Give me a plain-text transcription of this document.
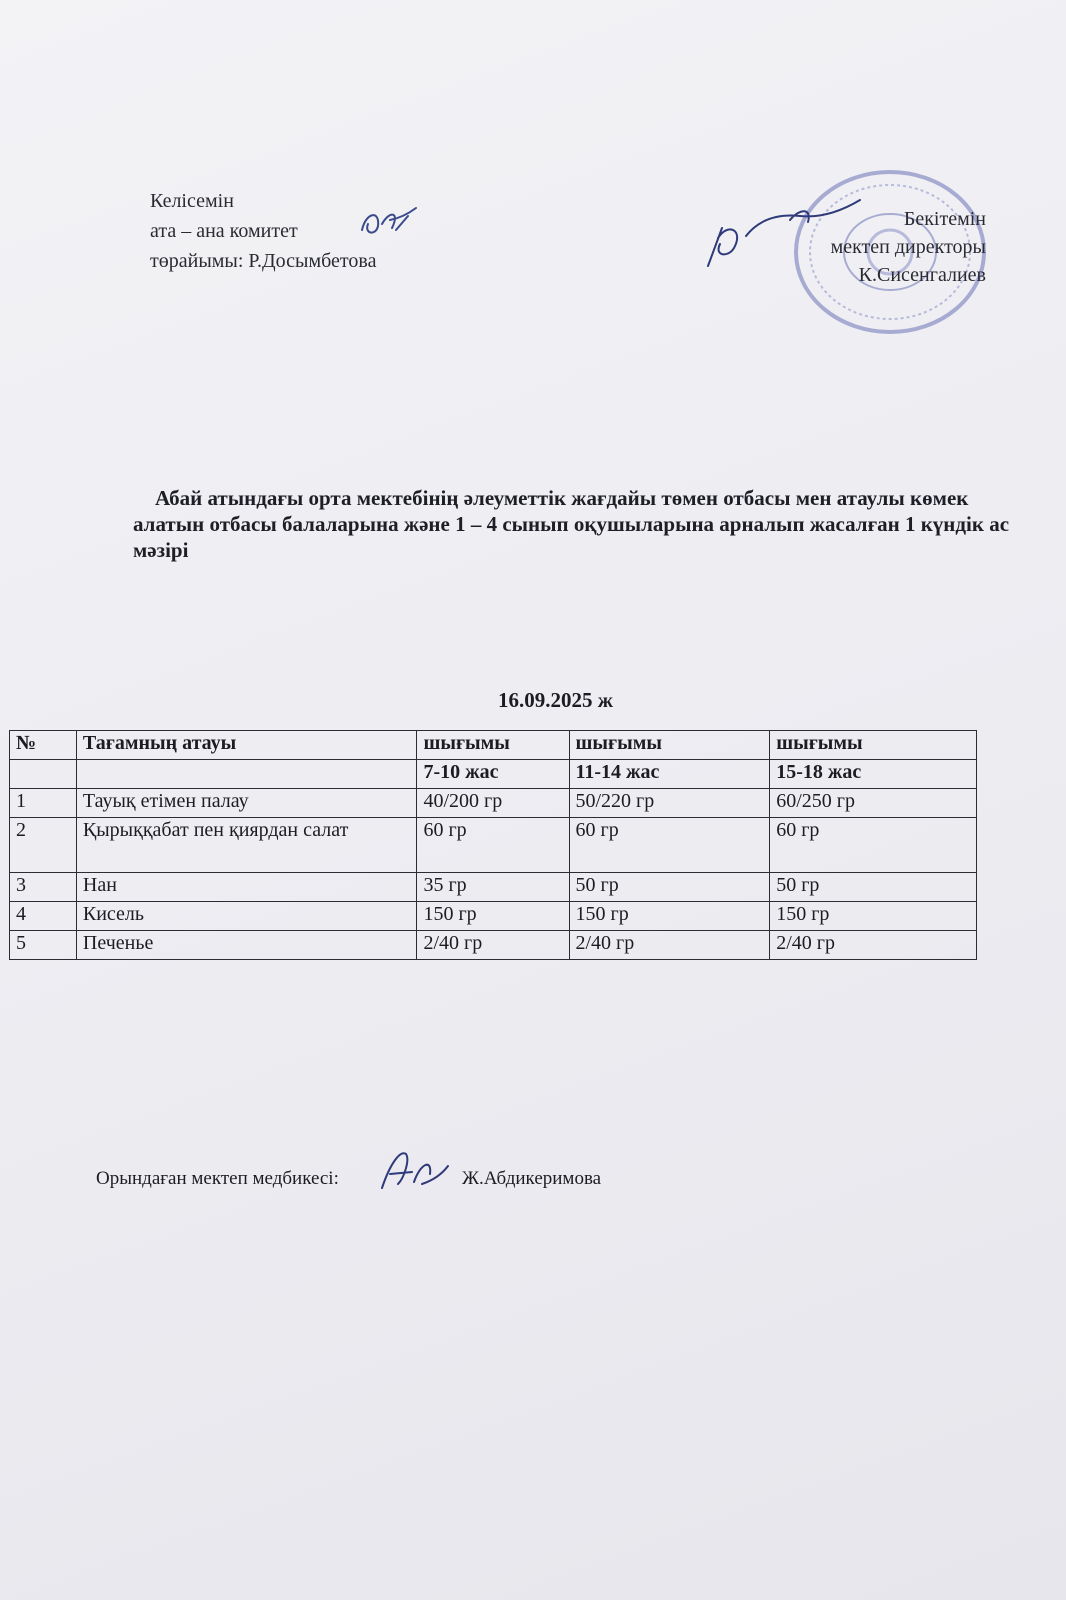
Келісемін
ата – ана комитет
төрайымы: Р.Досымбетова
Бекітемін
мектеп директоры
К.Сисенгалиев
Абай атындағы орта мектебінің әлеуметтік жағдайы төмен отбасы мен атаулы көмек алатын отбасы балаларына және 1 – 4 сынып оқушыларына арналып жасалған 1 күндік ас мәзірі
16.09.2025 ж
№	Тағамның атауы	шығымы	шығымы	шығымы
		7-10 жас	11-14 жас	15-18 жас
1	Тауық етімен палау	40/200 гр	50/220 гр	60/250 гр
2	Қырыққабат пен қиярдан салат	60 гр	60 гр	60 гр
3	Нан	35 гр	50 гр	50 гр
4	Кисель	150 гр	150 гр	150 гр
5	Печенье	2/40 гр	2/40 гр	2/40 гр
Орындаған мектеп медбикесі:	Ж.Абдикеримова
